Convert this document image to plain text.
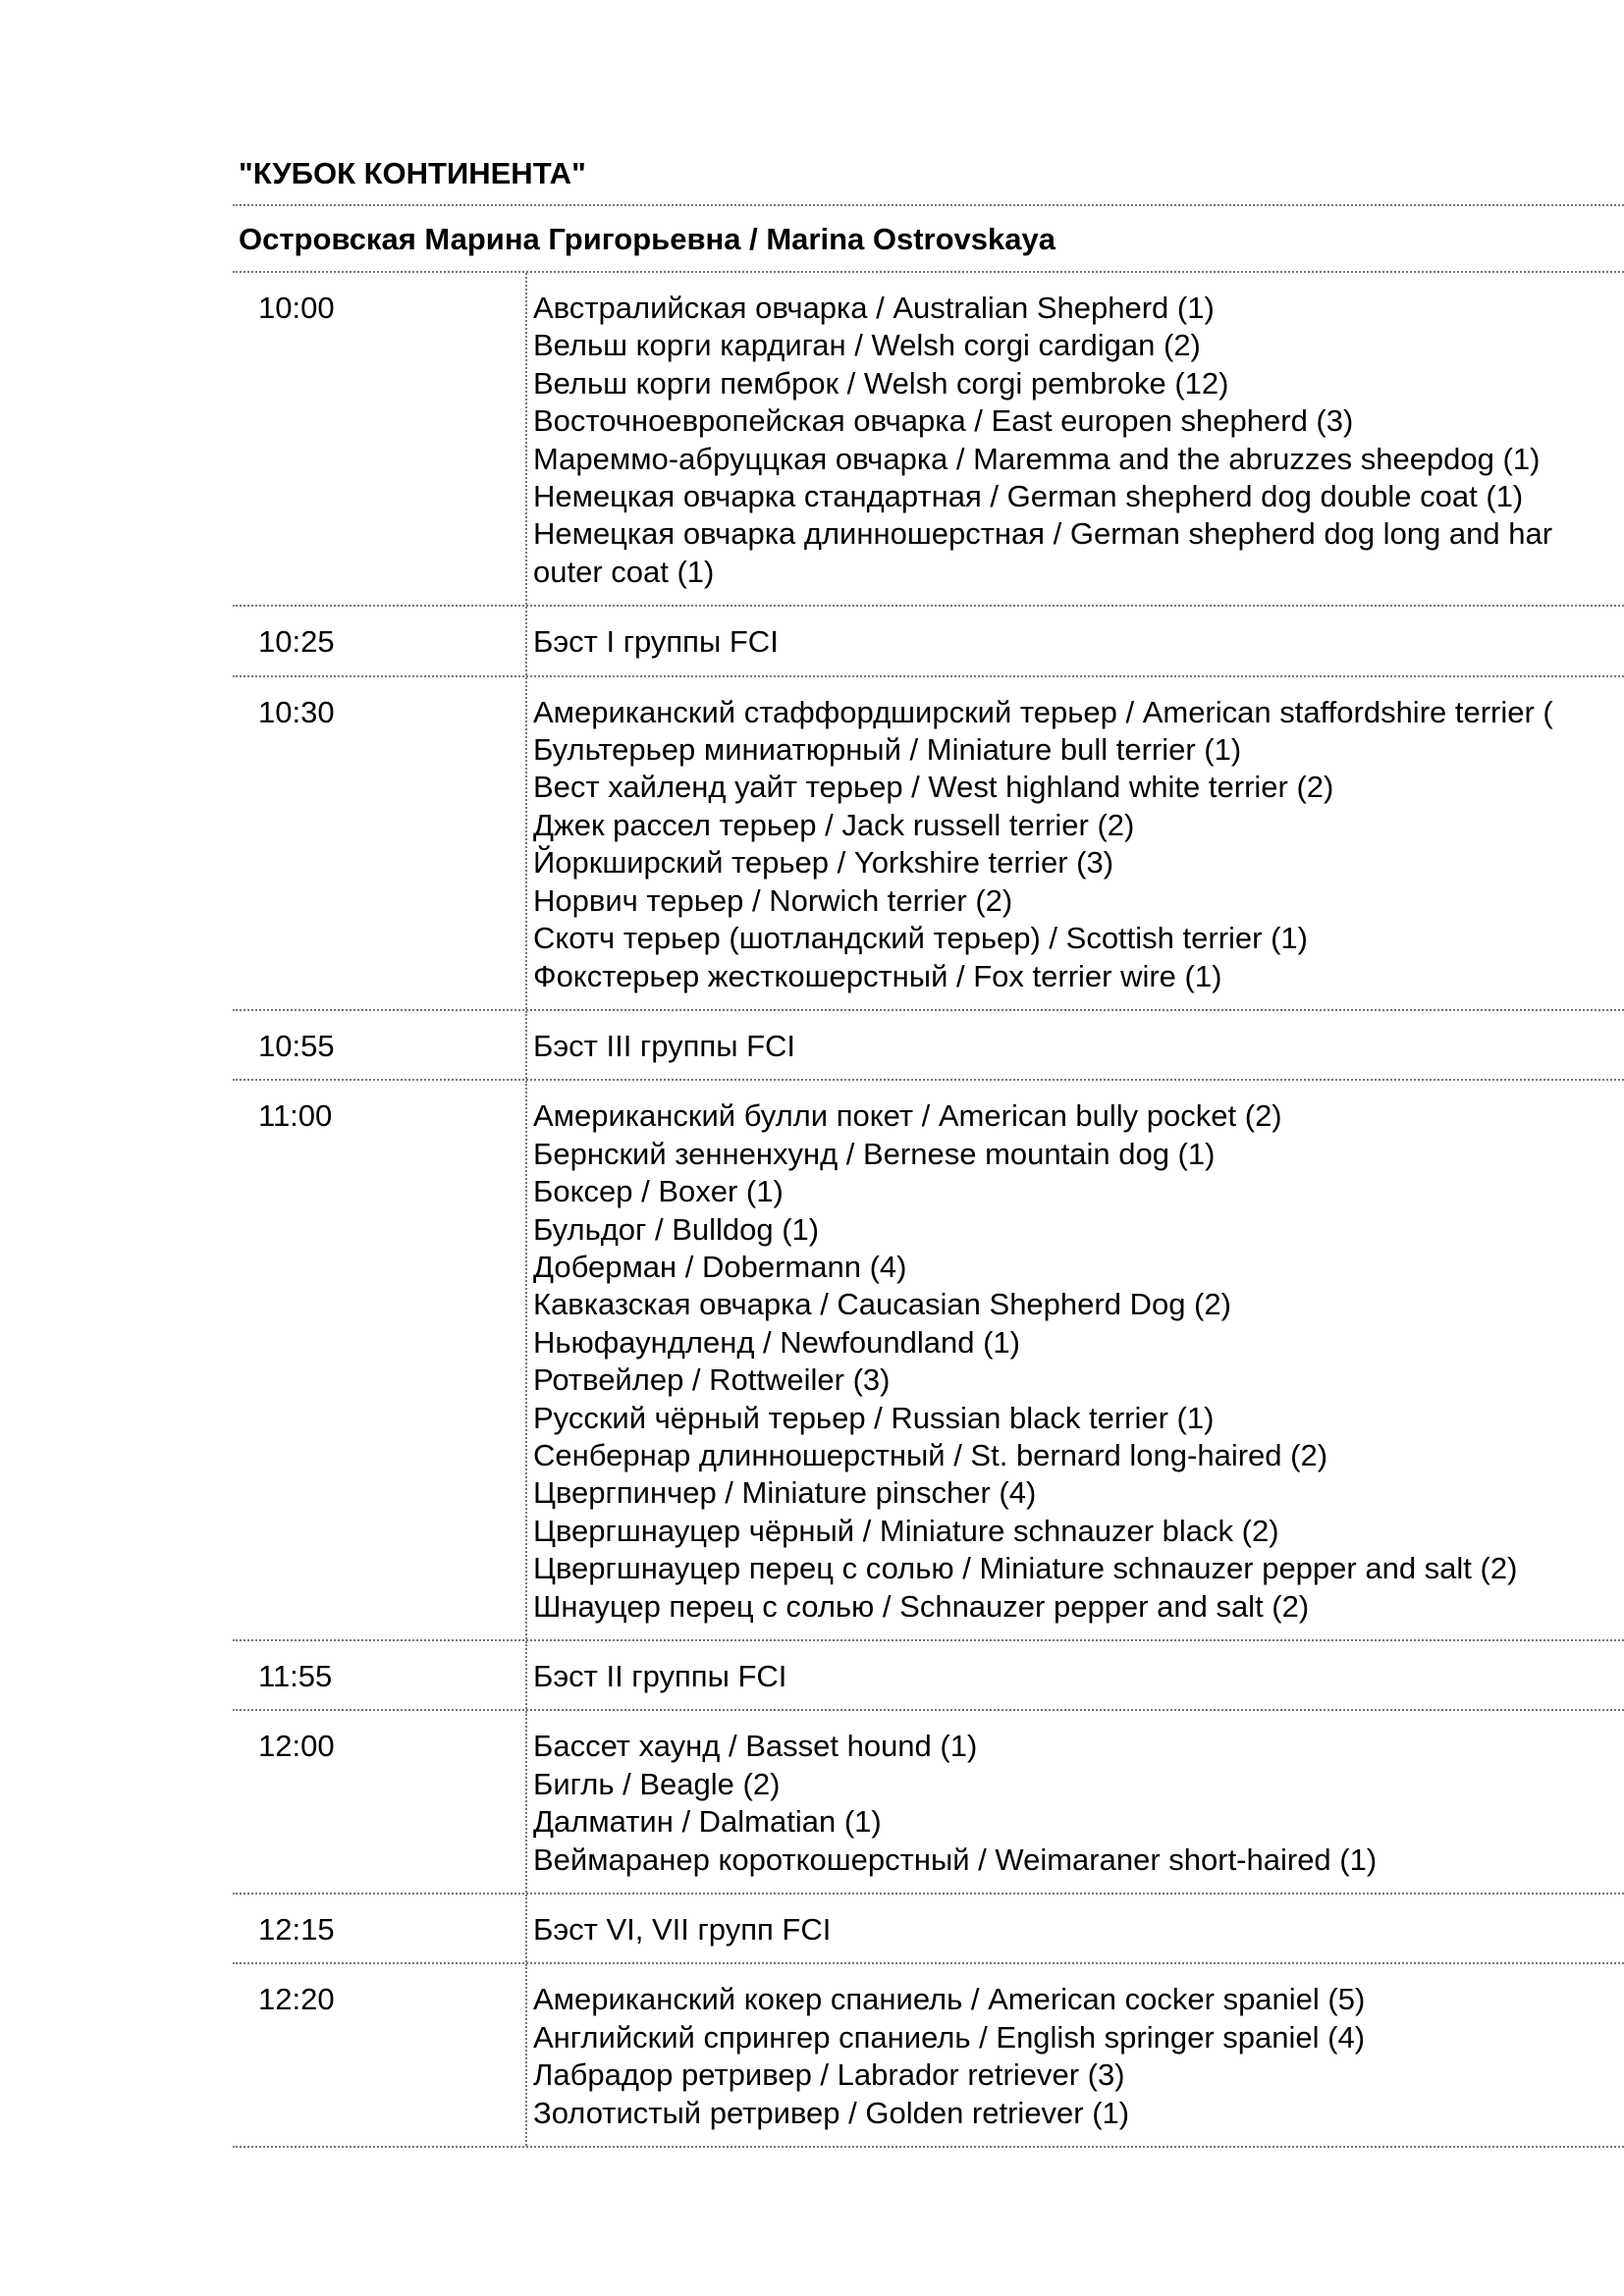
"КУБОК КОНТИНЕНТА"
Островская Марина Григорьевна / Marina Ostrovskaya
10:00	Австралийская овчарка / Australian Shepherd (1)
Вельш корги кардиган / Welsh corgi cardigan (2)
Вельш корги пемброк / Welsh corgi pembroke (12)
Восточноевропейская овчарка / East europen shepherd (3)
Мареммо-абруццкая овчарка / Maremma and the abruzzes sheepdog (1)
Немецкая овчарка стандартная / German shepherd dog double coat (1)
Немецкая овчарка длинношерстная / German shepherd dog long and har
outer coat (1)
10:25	Бэст I группы FCI
10:30	Американский стаффордширский терьер / American staffordshire terrier (
Бультерьер миниатюрный / Miniature bull terrier (1)
Вест хайленд уайт терьер / West highland white terrier (2)
Джек рассел терьер / Jack russell terrier (2)
Йоркширский терьер / Yorkshire terrier (3)
Норвич терьер / Norwich terrier (2)
Скотч терьер (шотландский терьер) / Scottish terrier (1)
Фокстерьер жесткошерстный / Fox terrier wire (1)
10:55	Бэст III группы FCI
11:00	Американский булли покет / American bully pocket (2)
Бернский зенненхунд / Bernese mountain dog (1)
Боксер / Boxer (1)
Бульдог / Bulldog (1)
Доберман / Dobermann (4)
Кавказская овчарка / Caucasian Shepherd Dog (2)
Ньюфаундленд / Newfoundland (1)
Ротвейлер / Rottweiler (3)
Русский чёрный терьер / Russian black terrier (1)
Сенбернар длинношерстный / St. bernard long-haired (2)
Цвергпинчер / Miniature pinscher (4)
Цвергшнауцер чёрный / Miniature schnauzer black (2)
Цвергшнауцер перец с солью / Miniature schnauzer pepper and salt (2)
Шнауцер перец с солью / Schnauzer pepper and salt (2)
11:55	Бэст II группы FCI
12:00	Бассет хаунд / Basset hound (1)
Бигль / Beagle (2)
Далматин / Dalmatian (1)
Веймаранер короткошерстный / Weimaraner short-haired (1)
12:15	Бэст VI, VII групп FCI
12:20	Американский кокер спаниель / American cocker spaniel (5)
Английский спрингер спаниель / English springer spaniel (4)
Лабрадор ретривер / Labrador retriever (3)
Золотистый ретривер / Golden retriever (1)
